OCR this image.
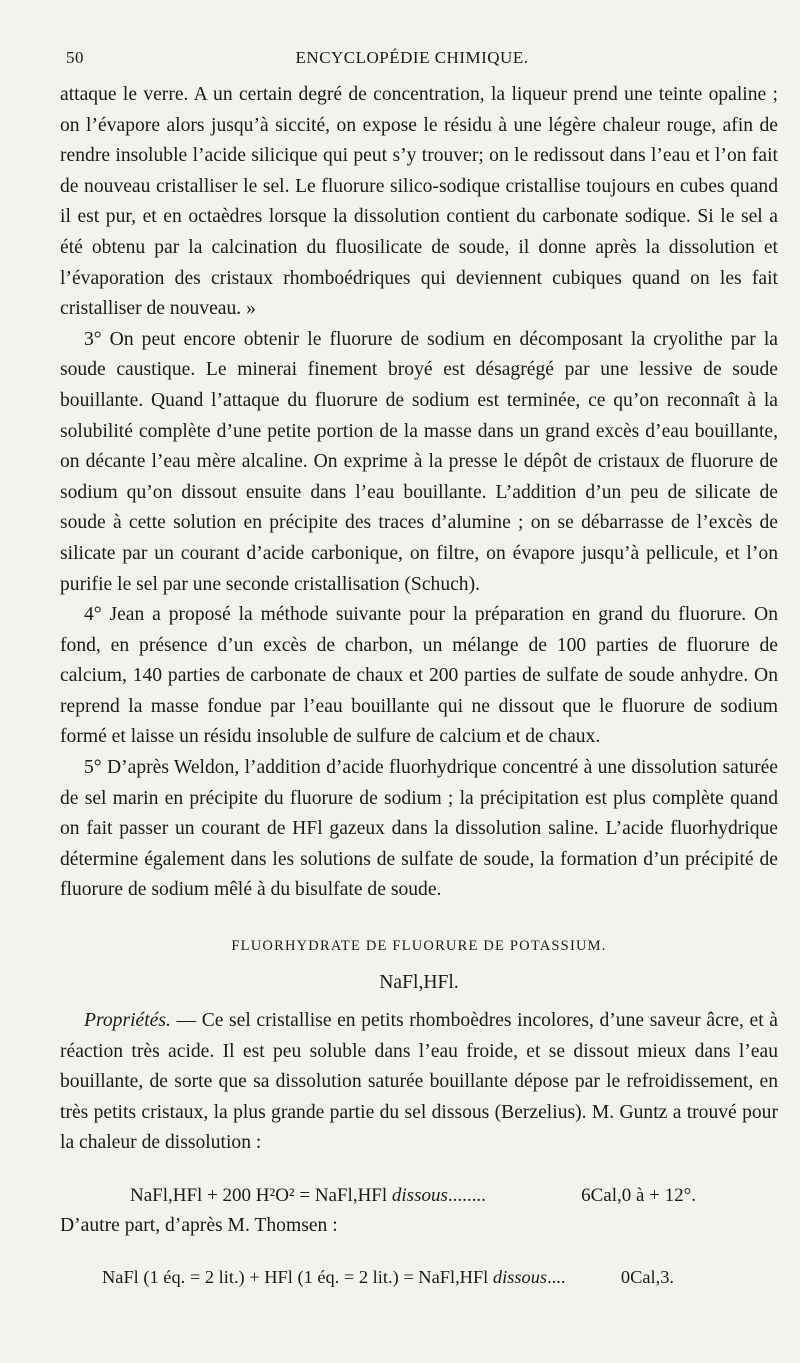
50	ENCYCLOPÉDIE CHIMIQUE.

attaque le verre. A un certain degré de concentration, la liqueur prend une teinte opaline ; on l’évapore alors jusqu’à siccité, on expose le résidu à une légère chaleur rouge, afin de rendre insoluble l’acide silicique qui peut s’y trouver; on le redissout dans l’eau et l’on fait de nouveau cristalliser le sel. Le fluorure silico-sodique cristallise toujours en cubes quand il est pur, et en octaèdres lorsque la dissolution contient du carbonate sodique. Si le sel a été obtenu par la calcination du fluosilicate de soude, il donne après la dissolution et l’évaporation des cristaux rhomboédriques qui deviennent cubiques quand on les fait cristalliser de nouveau. »

3° On peut encore obtenir le fluorure de sodium en décomposant la cryolithe par la soude caustique. Le minerai finement broyé est désagrégé par une lessive de soude bouillante. Quand l’attaque du fluorure de sodium est terminée, ce qu’on reconnaît à la solubilité complète d’une petite portion de la masse dans un grand excès d’eau bouillante, on décante l’eau mère alcaline. On exprime à la presse le dépôt de cristaux de fluorure de sodium qu’on dissout ensuite dans l’eau bouillante. L’addition d’un peu de silicate de soude à cette solution en précipite des traces d’alumine ; on se débarrasse de l’excès de silicate par un courant d’acide carbonique, on filtre, on évapore jusqu’à pellicule, et l’on purifie le sel par une seconde cristallisation (Schuch).

4° Jean a proposé la méthode suivante pour la préparation en grand du fluorure. On fond, en présence d’un excès de charbon, un mélange de 100 parties de fluorure de calcium, 140 parties de carbonate de chaux et 200 parties de sulfate de soude anhydre. On reprend la masse fondue par l’eau bouillante qui ne dissout que le fluorure de sodium formé et laisse un résidu insoluble de sulfure de calcium et de chaux.

5° D’après Weldon, l’addition d’acide fluorhydrique concentré à une dissolution saturée de sel marin en précipite du fluorure de sodium ; la précipitation est plus complète quand on fait passer un courant de HFl gazeux dans la dissolution saline. L’acide fluorhydrique détermine également dans les solutions de sulfate de soude, la formation d’un précipité de fluorure de sodium mêlé à du bisulfate de soude.

FLUORHYDRATE DE FLUORURE DE POTASSIUM.
NaFl,HFl.

Propriétés. — Ce sel cristallise en petits rhomboèdres incolores, d’une saveur âcre, et à réaction très acide. Il est peu soluble dans l’eau froide, et se dissout mieux dans l’eau bouillante, de sorte que sa dissolution saturée bouillante dépose par le refroidissement, en très petits cristaux, la plus grande partie du sel dissous (Berzelius). M. Guntz a trouvé pour la chaleur de dissolution :

NaFl,HFl + 200 H²O² = NaFl,HFl dissous........	6Cal,0 à + 12°.

D’autre part, d’après M. Thomsen :

NaFl (1 éq. = 2 lit.) + HFl (1 éq. = 2 lit.) = NaFl,HFl dissous....	0Cal,3.
